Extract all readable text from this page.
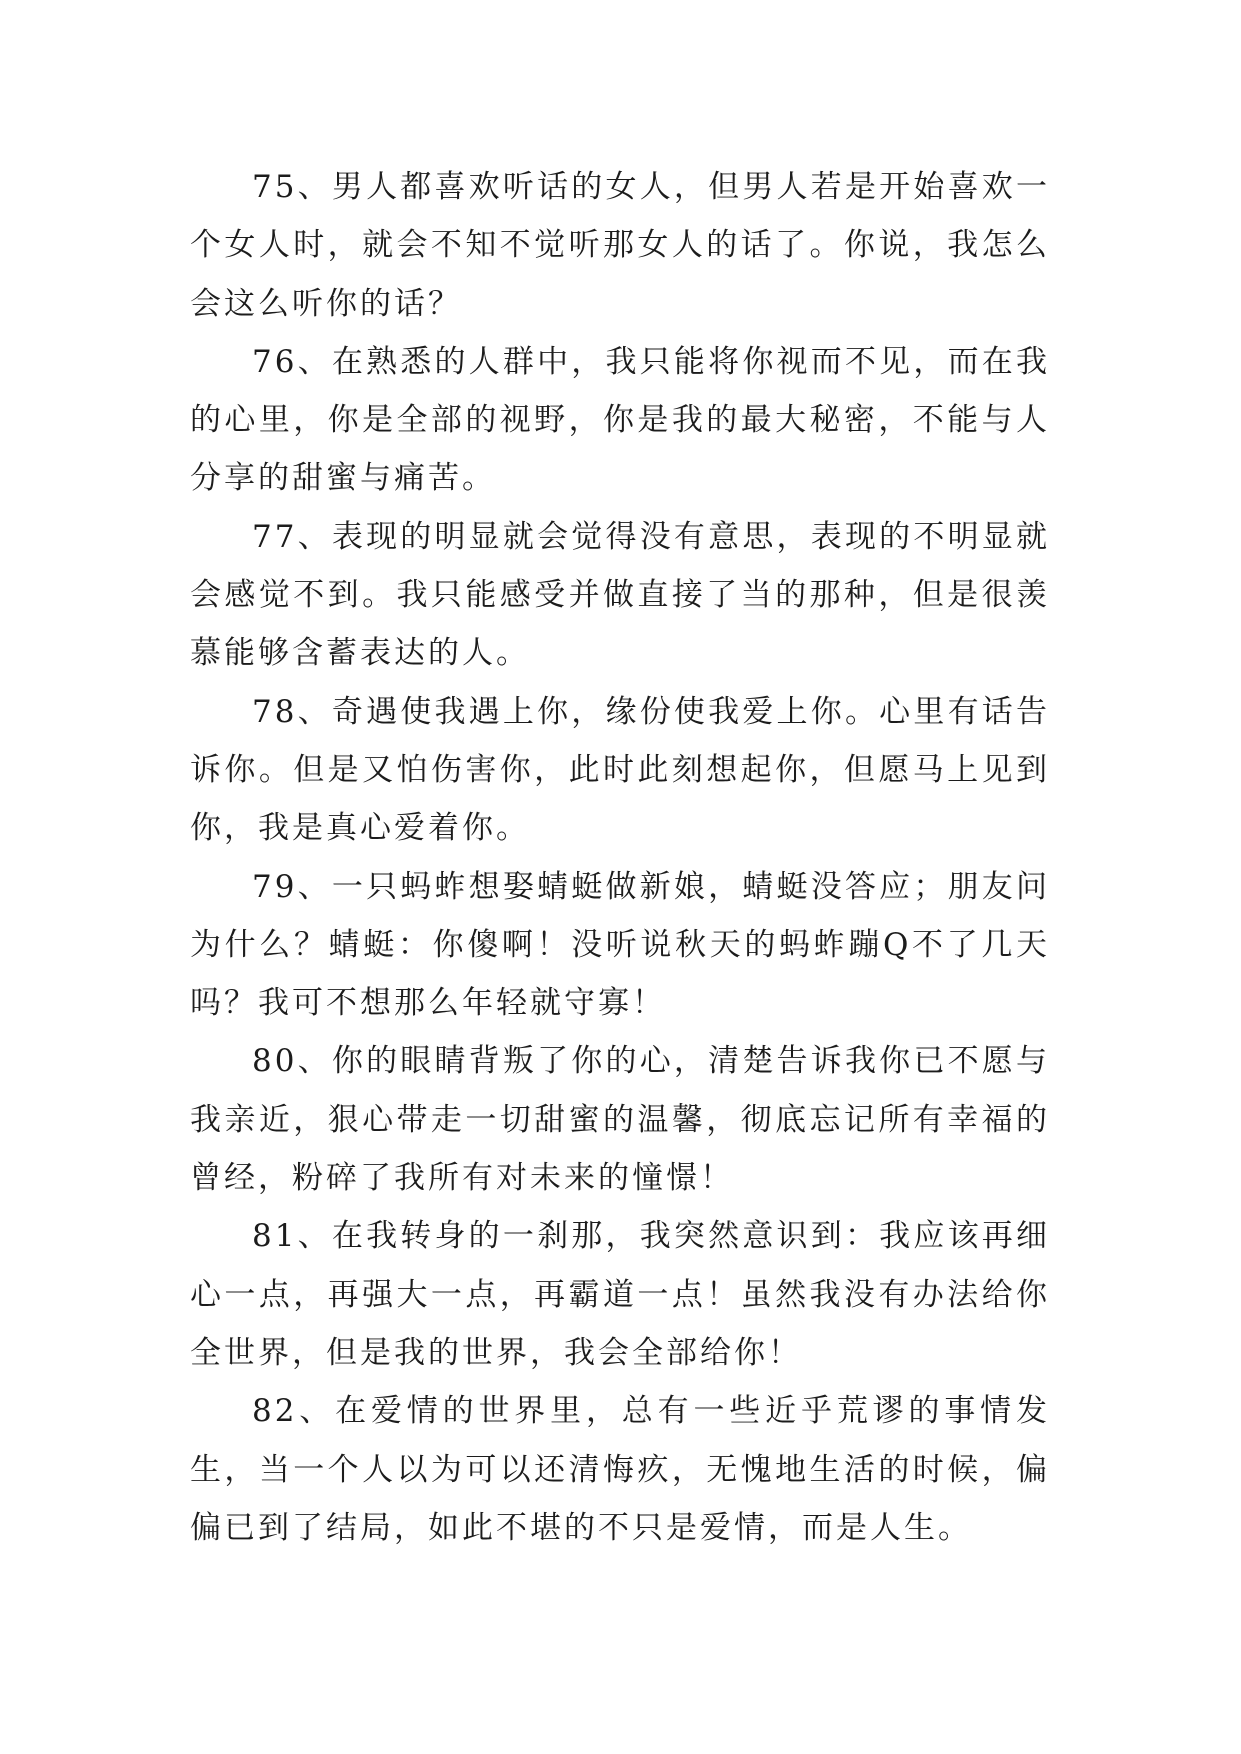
75、男人都喜欢听话的女人，但男人若是开始喜欢一个女人时，就会不知不觉听那女人的话了。你说，我怎么会这么听你的话？

76、在熟悉的人群中，我只能将你视而不见，而在我的心里，你是全部的视野，你是我的最大秘密，不能与人分享的甜蜜与痛苦。

77、表现的明显就会觉得没有意思，表现的不明显就会感觉不到。我只能感受并做直接了当的那种，但是很羡慕能够含蓄表达的人。

78、奇遇使我遇上你，缘份使我爱上你。心里有话告诉你。但是又怕伤害你，此时此刻想起你，但愿马上见到你，我是真心爱着你。

79、一只蚂蚱想娶蜻蜓做新娘，蜻蜓没答应；朋友问为什么？蜻蜓：你傻啊！没听说秋天的蚂蚱蹦Q不了几天吗？我可不想那么年轻就守寡！

80、你的眼睛背叛了你的心，清楚告诉我你已不愿与我亲近，狠心带走一切甜蜜的温馨，彻底忘记所有幸福的曾经，粉碎了我所有对未来的憧憬！

81、在我转身的一刹那，我突然意识到：我应该再细心一点，再强大一点，再霸道一点！虽然我没有办法给你全世界，但是我的世界，我会全部给你！

82、在爱情的世界里，总有一些近乎荒谬的事情发生，当一个人以为可以还清悔疚，无愧地生活的时候，偏偏已到了结局，如此不堪的不只是爱情，而是人生。
